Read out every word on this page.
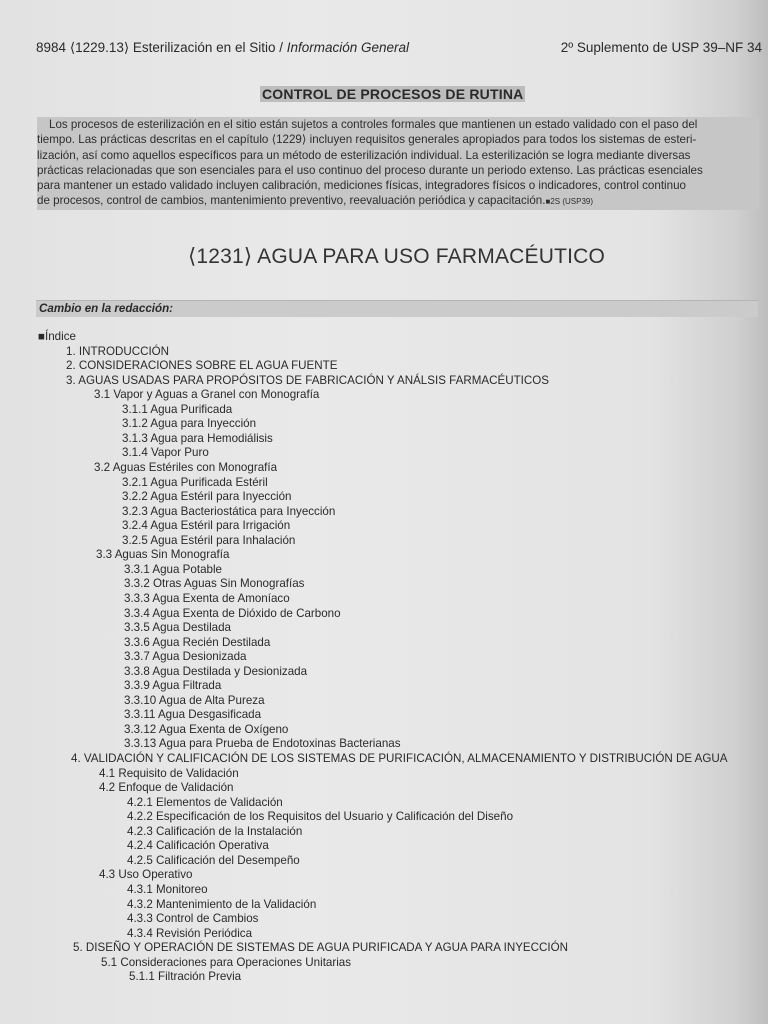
8984 ⟨1229.13⟩ Esterilización en el Sitio / Información General	2º Suplemento de USP 39–NF 34
CONTROL DE PROCESOS DE RUTINA
Los procesos de esterilización en el sitio están sujetos a controles formales que mantienen un estado validado con el paso del
tiempo. Las prácticas descritas en el capítulo ⟨1229⟩ incluyen requisitos generales apropiados para todos los sistemas de esteri-
lización, así como aquellos específicos para un método de esterilización individual. La esterilización se logra mediante diversas
prácticas relacionadas que son esenciales para el uso continuo del proceso durante un periodo extenso. Las prácticas esenciales
para mantener un estado validado incluyen calibración, mediciones físicas, integradores físicos o indicadores, control continuo
de procesos, control de cambios, mantenimiento preventivo, reevaluación periódica y capacitación.■2S (USP39)
⟨1231⟩ AGUA PARA USO FARMACÉUTICO
Cambio en la redacción:
■Índice
1. INTRODUCCIÓN
2. CONSIDERACIONES SOBRE EL AGUA FUENTE
3. AGUAS USADAS PARA PROPÓSITOS DE FABRICACIÓN Y ANÁLSIS FARMACÉUTICOS
3.1 Vapor y Aguas a Granel con Monografía
3.1.1 Agua Purificada
3.1.2 Agua para Inyección
3.1.3 Agua para Hemodiálisis
3.1.4 Vapor Puro
3.2 Aguas Estériles con Monografía
3.2.1 Agua Purificada Estéril
3.2.2 Agua Estéril para Inyección
3.2.3 Agua Bacteriostática para Inyección
3.2.4 Agua Estéril para Irrigación
3.2.5 Agua Estéril para Inhalación
3.3 Aguas Sin Monografía
3.3.1 Agua Potable
3.3.2 Otras Aguas Sin Monografías
3.3.3 Agua Exenta de Amoníaco
3.3.4 Agua Exenta de Dióxido de Carbono
3.3.5 Agua Destilada
3.3.6 Agua Recién Destilada
3.3.7 Agua Desionizada
3.3.8 Agua Destilada y Desionizada
3.3.9 Agua Filtrada
3.3.10 Agua de Alta Pureza
3.3.11 Agua Desgasificada
3.3.12 Agua Exenta de Oxígeno
3.3.13 Agua para Prueba de Endotoxinas Bacterianas
4. VALIDACIÓN Y CALIFICACIÓN DE LOS SISTEMAS DE PURIFICACIÓN, ALMACENAMIENTO Y DISTRIBUCIÓN DE AGUA
4.1 Requisito de Validación
4.2 Enfoque de Validación
4.2.1 Elementos de Validación
4.2.2 Especificación de los Requisitos del Usuario y Calificación del Diseño
4.2.3 Calificación de la Instalación
4.2.4 Calificación Operativa
4.2.5 Calificación del Desempeño
4.3 Uso Operativo
4.3.1 Monitoreo
4.3.2 Mantenimiento de la Validación
4.3.3 Control de Cambios
4.3.4 Revisión Periódica
5. DISEÑO Y OPERACIÓN DE SISTEMAS DE AGUA PURIFICADA Y AGUA PARA INYECCIÓN
5.1 Consideraciones para Operaciones Unitarias
5.1.1 Filtración Previa
